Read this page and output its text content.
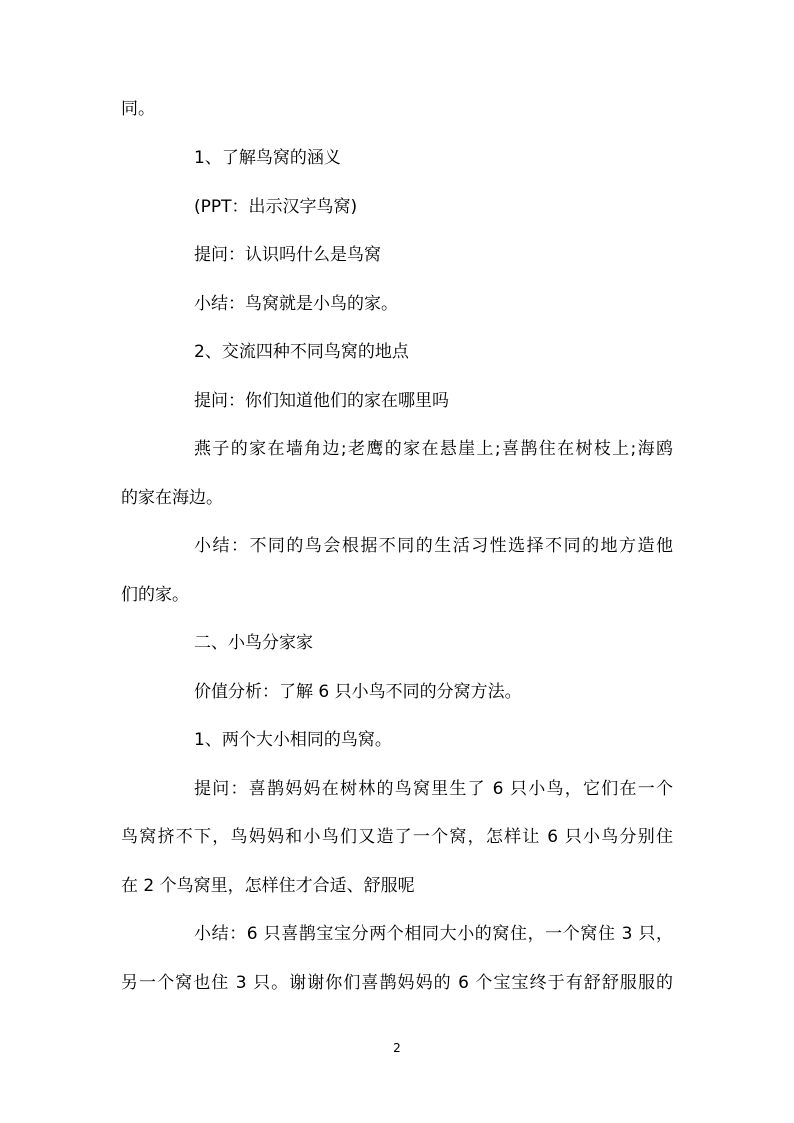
同。
1、了解鸟窝的涵义
(PPT：出示汉字鸟窝)
提问：认识吗什么是鸟窝
小结：鸟窝就是小鸟的家。
2、交流四种不同鸟窝的地点
提问：你们知道他们的家在哪里吗
燕子的家在墙角边;老鹰的家在悬崖上;喜鹊住在树枝上;海鸥
的家在海边。
小结：不同的鸟会根据不同的生活习性选择不同的地方造他
们的家。
二、小鸟分家家
价值分析：了解 6 只小鸟不同的分窝方法。
1、两个大小相同的鸟窝。
提问：喜鹊妈妈在树林的鸟窝里生了 6 只小鸟，它们在一个
鸟窝挤不下，鸟妈妈和小鸟们又造了一个窝，怎样让 6 只小鸟分别住
在 2 个鸟窝里，怎样住才合适、舒服呢
小结：6 只喜鹊宝宝分两个相同大小的窝住，一个窝住 3 只，
另一个窝也住 3 只。谢谢你们喜鹊妈妈的 6 个宝宝终于有舒舒服服的
2
